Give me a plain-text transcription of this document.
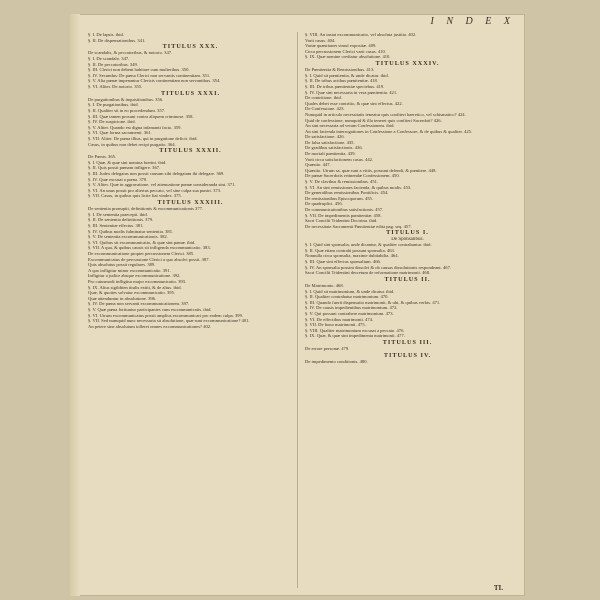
I N D E X
§. I. De lapsis. ibid.
§. II. De dispensationibus. 341.
TITULUS XXX.
De scandalis, & peccatoribus, & notorio. 347.
§. I. De scandalo. 347.
§. II. De peccatoribus. 349.
§. III. Clerici non debent habitare cum mulieribus. 350.
§. IV. Secundus: De pœna Clerici non servantis continentiam. 351.
§. V. Alia pœnæ impenantur Clericis continentiam non servantibus. 354.
§. VI. Aliter. De notorio. 355.
TITULUS XXXI.
De purgationibus & inquisitionibus. 356.
§. I. De purgationibus. ibid.
§. II. Qualiter sit in eo procedendum. 357.
§. III. Quæ tamen prosunt contra aliquem criminose. 358.
§. IV. De suspicione. ibid.
§. V. Aliter. Quando est digna infamanti facto. 359.
§. VI. Quæ forma sacramenti. 361.
§. VII. Aliter. De pœna illius, qui in purgatione deficit. ibid.
Casus, in quibus non debet recipi purgatio. 364.
TITULUS XXXII.
De Pœnis. 365.
§. I. Quæ, & quæ sint nomina fuerint. ibid.
§. II. Quis possit pœnam infligere. 367.
§. III. Judex delegatus non possit causam sibi delegatam ibi delegare. 369.
§. IV. Quæ excusat a pœna. 370.
§. V. Aliter. Quæ in aggravatione, vel attenuatione pœnæ consideranda sint. 371.
§. VI. An unus possit pro alterius peccato, vel sine culpa sua puniri. 373.
§. VII. Casus, in quibus quis licite fiat vindex. 375.
TITULUS XXXIII.
De sententia pronuptii, definitionis & excommunicationis 377.
§. I. De sententia praecepti. ibid.
§. II. De sententia definitionis. 379.
§. III. Sententiæ effectus. 381.
§. IV. Quibus modis fulminatur sententia. 381.
§. V. De sententia excommunicationis. 382.
§. VI. Quibus sit excommunicatio, & quæ sint pœnæ. ibid.
§. VII. A qua, & quibus causis sit infligenda excommunicatio. 383.
De excommunicatione propter percussionem Clerici. 385.
Excommunicatus de percussione Clerici a quo absolvi possit. 387.
Quis absolutus possit regulares. 389.
A quo infligitur minor excommunicatio. 391.
Infligitur a judice absque excommunicatione. 392.
Pro cuiusmodi infligitur major excommunicatio. 393.
§. IX. Alius sigilditen titulis extiti, & de alius. ibid.
Quæ, & quoties solvatur excommunicatio. 395.
Quæ attenduntur in absolutione. 396.
§. IV. De pœna non servanti excommunicationem. 397.
§. V. Quæ pœna fortiuntur participantes cum excommunicatis. ibid.
§. VI. Utrum excommunicatus possit amplius excommunicari pro eadem culpa. 399.
§. VII. Sed numquid nunc necessaria sit absolutione, quæ sunt excommunicatione? 401.
An petere sine absolutum tolleret omnes excommunicationes? 402.
§. VIII. An instat excommunicatio, vel absoluta justitia. 402.
Varii casus. 404.
Variæ quæstiones simul expositæ. 409.
Circa percussionem Clerici varii casus. 410.
§. IX. Quæ nomine crediatur absolutione. 410.
TITULUS XXXIV.
De Pœnitentia & Remissionibus. 413.
§. I. Quid sit pœnitentia, & unde dicatur. ibid.
§. II. De tribus actibus pœnitentiæ. 418.
§. III. De tribus pœnitentiæ speciebus. 419.
§. IV. Quæ sint necessaria in vera pœnitentia. 421.
De contritione. ibid.
Quales debet esse contritio, & quæ sint effectus. 422.
De Confessione. 423.
Numquid in articulo necessitatis teneatur quis confiteri haeretico, vel schismatico? 424.
Quid de confessione, numquid & illa teneret quis confiteri Sacerdoti? 426.
An sint necessaria ad veram Confessionem. ibid.
An sint facienda interrogationes in Confessione a Confessore, & de quibus & qualiter. 425.
De satisfactione. 426.
De falsa satisfactione. 435.
De gradibus satisfactionis. 436.
De mortali pœnitentia. 439.
Varii circa satisfactionem casus. 442.
Quæstio. 447.
Quæstio. Utrum sa, quæ sunt a vitiis, possunt defendi, & pœnitere. 448.
De pœnæ Sacerdotis retinendæ Confessionem. 450.
§. V. De clavibus & remissionibus. 451.
§. VI. An sint remissiones facienda, & quibus modis. 453.
De generalibus remissionibus Pontificis. 454.
De remissionibus Episcoporum. 455.
De quadruplici. 456.
De communicationibus satisfactionis. 457.
§. VII. De impedimentis pœnitentiæ. 458.
Sacri Concilii Tridentini Doctrina. ibid.
De necessitate Sacramenti Pœnitentiæ edita pag. seq. 457.
TITULUS I.
De Sponsalibus.
§. I. Quid sint sponsalia, unde dicantur, & qualiter contrahantur. ibid.
§. II. Quæ etiam contrahi possunt sponsalia. 463.
Nonnulla circa sponsalia, maxime dubitabilia. 464.
§. III. Quæ sint effectus sponsalium. 466.
§. IV. An sponsalia possint dissolvi & ob causas dissolutionis respondeant. 467.
Sacri Concilii Tridentini decretum de reformatione matrimonii. 468.
TITULUS II.
De Matrimonio. 468.
§. I. Quid sit matrimonium, & unde dicatur. ibid.
§. II. Qualiter contrahatur matrimonium. 470.
§. III. Quando fuerit dispensatio matrimonii, & ubi, & quibus verbis. 471.
§. IV. De causis impedientibus matrimonium. 472.
§. V. Qui possunt contrahere matrimonium. 473.
§. VI. De effectibus matrimonii. 474.
§. VII. De bono matrimonii. 475.
§. VIII. Qualiter matrimonium excusat a peccato. 476.
§. IX. Quæ, & quæ sint impedimenta matrimonii. 477.
TITULUS III.
De errore personæ. 479.
TITULUS IV.
De impedimento conditionis. 480.
TI.
